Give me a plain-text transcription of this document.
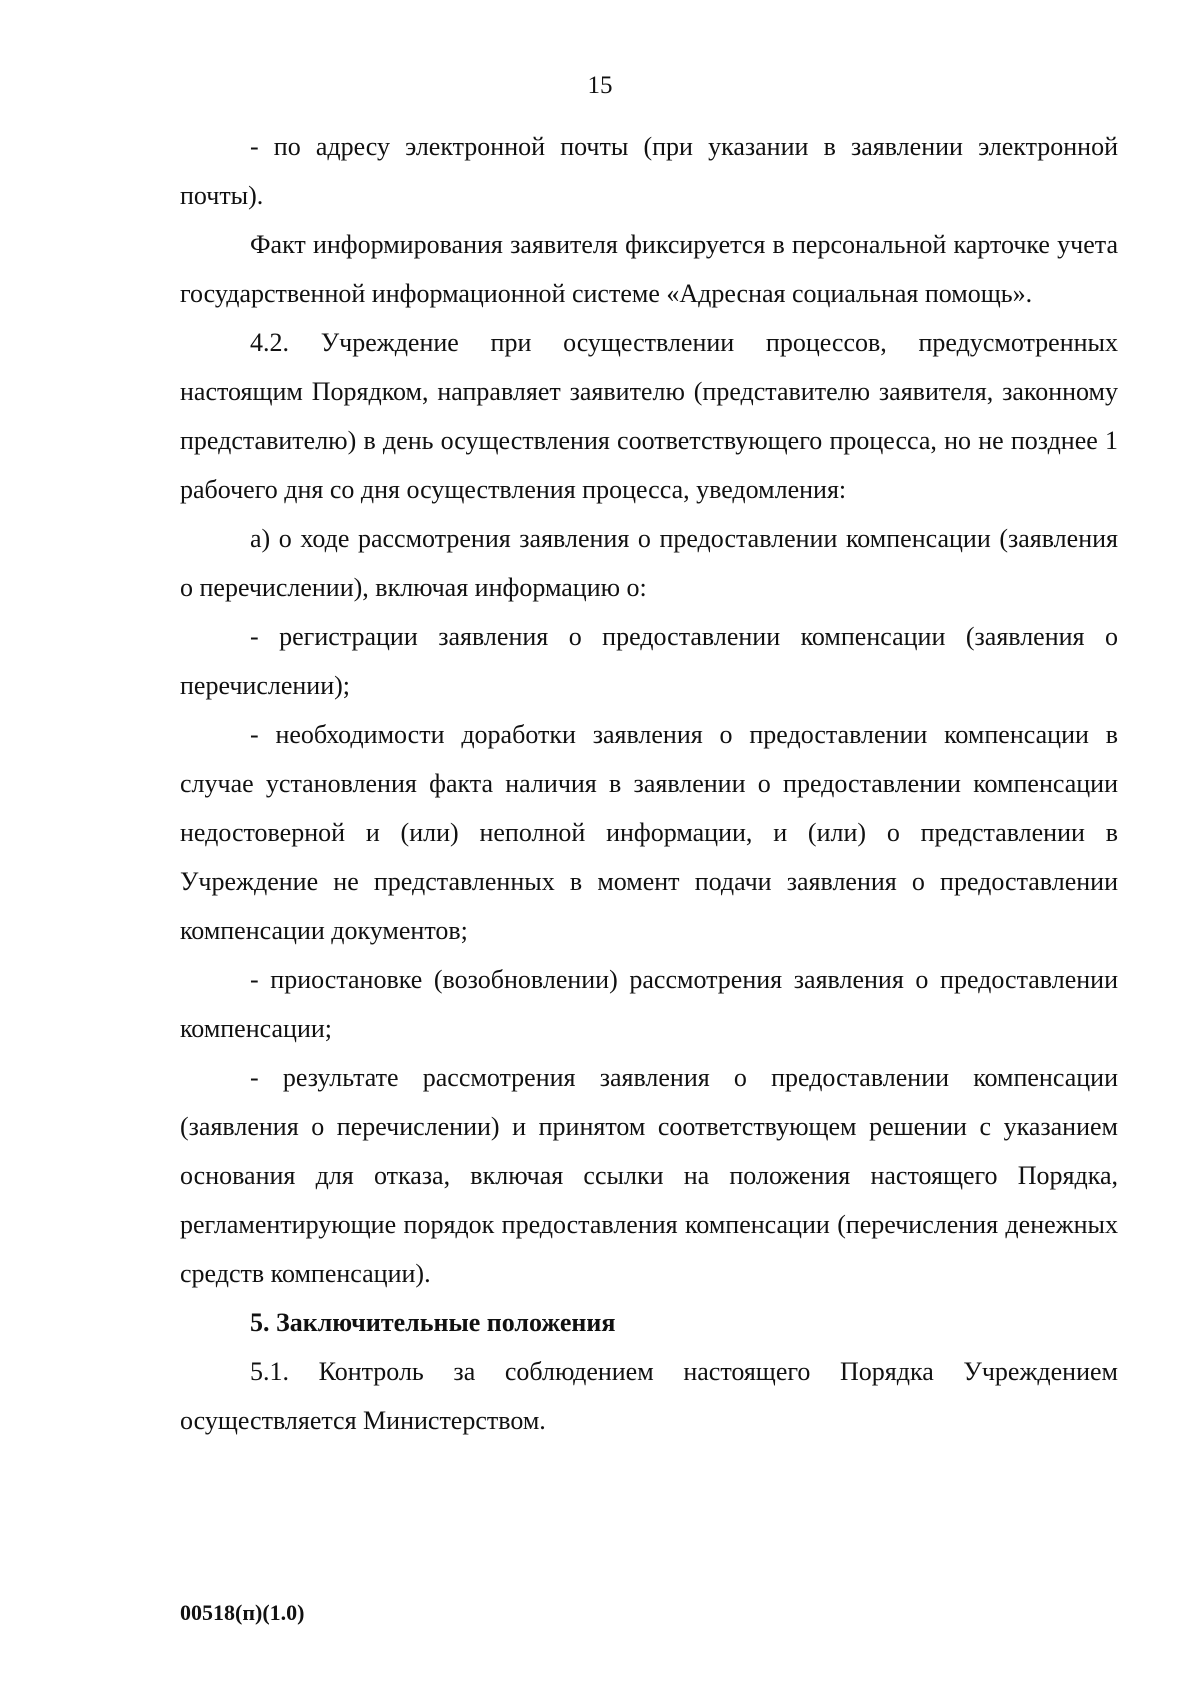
15

- по адресу электронной почты (при указании в заявлении электронной почты).

Факт информирования заявителя фиксируется в персональной карточке учета государственной информационной системе «Адресная социальная помощь».

4.2. Учреждение при осуществлении процессов, предусмотренных настоящим Порядком, направляет заявителю (представителю заявителя, законному представителю) в день осуществления соответствующего процесса, но не позднее 1 рабочего дня со дня осуществления процесса, уведомления:

а) о ходе рассмотрения заявления о предоставлении компенсации (заявления о перечислении), включая информацию о:

- регистрации заявления о предоставлении компенсации (заявления о перечислении);

- необходимости доработки заявления о предоставлении компенсации в случае установления факта наличия в заявлении о предоставлении компенсации недостоверной и (или) неполной информации, и (или) о представлении в Учреждение не представленных в момент подачи заявления о предоставлении компенсации документов;

- приостановке (возобновлении) рассмотрения заявления о предоставлении компенсации;

- результате рассмотрения заявления о предоставлении компенсации (заявления о перечислении) и принятом соответствующем решении с указанием основания для отказа, включая ссылки на положения настоящего Порядка, регламентирующие порядок предоставления компенсации (перечисления денежных средств компенсации).

5. Заключительные положения

5.1. Контроль за соблюдением настоящего Порядка Учреждением осуществляется Министерством.

00518(п)(1.0)
